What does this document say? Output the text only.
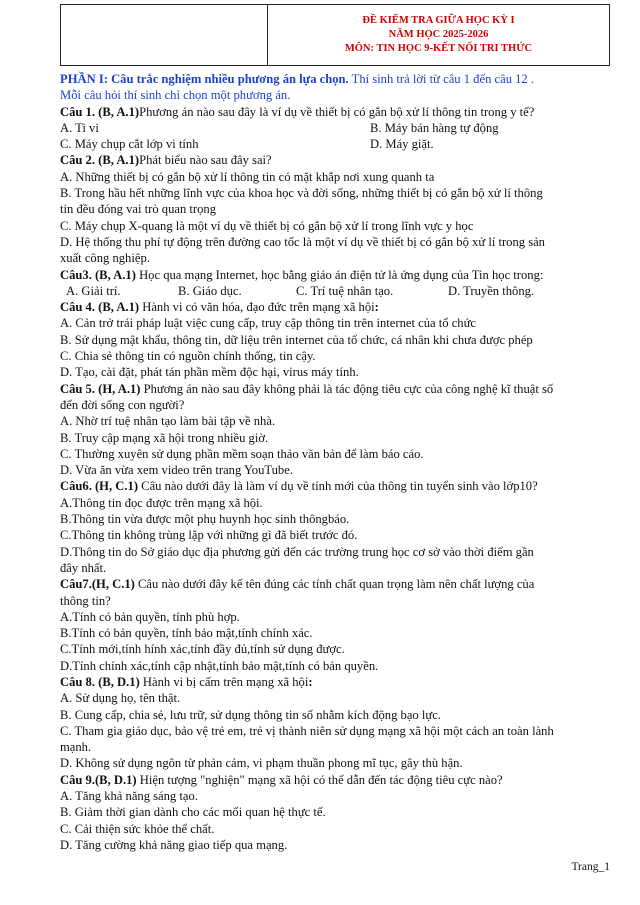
ĐỀ KIỂM TRA GIỮA HỌC KỲ I
NĂM HỌC 2025-2026
MÔN: TIN HỌC 9-KẾT NỐI TRI THỨC
PHẦN I: Câu trắc nghiệm nhiều phương án lựa chọn. Thí sinh trả lời từ câu 1 đến câu 12 .
Mỗi câu hỏi thí sinh chỉ chọn một phương án.
Câu 1. (B, A.1)Phương án nào sau đây là ví dụ về thiết bị có gắn bộ xử lí thông tin trong y tế?
A. Ti vi	B. Máy bán hàng tự động
C. Máy chụp cắt lớp vi tính	D. Máy giặt.
Câu 2. (B, A.1)Phát biểu nào sau đây sai?
A. Những thiết bị có gắn bộ xử lí thông tin có mặt khắp nơi xung quanh ta
B. Trong hầu hết những lĩnh vực của khoa học và đời sống, những thiết bị có gắn bộ xử lí thông
tin đều đóng vai trò quan trọng
C. Máy chụp X-quang là một ví dụ về thiết bị có gắn bộ xử lí trong lĩnh vực y học
D. Hệ thống thu phí tự động trên đường cao tốc là một ví dụ về thiết bị có gắn bộ xử lí trong sản
xuất công nghiệp.
Câu3. (B, A.1) Học qua mạng Internet, học bằng giáo án điện tử là ứng dụng của Tin học trong:
A. Giải trí.	B. Giáo dục.	C. Trí tuệ nhân tạo.	D. Truyền thông.
Câu 4. (B, A.1) Hành vi có văn hóa, đạo đức trên mạng xã hội:
A. Cản trở trái pháp luật việc cung cấp, truy cập thông tin trên internet của tổ chức
B. Sử dụng mật khẩu, thông tin, dữ liệu trên internet của tổ chức, cá nhân khi chưa được phép
C. Chia sẻ thông tin có nguồn chính thống, tin cậy.
D. Tạo, cài đặt, phát tán phần mềm độc hại, virus máy tính.
Câu 5. (H, A.1) Phương án nào sau đây không phải là tác động tiêu cực của công nghệ kĩ thuật số
đến đời sống con người?
A. Nhờ trí tuệ nhân tạo làm bài tập về nhà.
B. Truy cập mạng xã hội trong nhiều giờ.
C. Thường xuyên sử dụng phần mềm soạn thảo văn bản để làm báo cáo.
D. Vừa ăn vừa xem video trên trang YouTube.
Câu6. (H, C.1) Câu nào dưới đây là làm ví dụ về tính mới của thông tin tuyển sinh vào lớp10?
A.Thông tin đọc được trên mạng xã hội.
B.Thông tin vừa được một phụ huynh học sinh thôngbáo.
C.Thông tin không trùng lặp với những gì đã biết trước đó.
D.Thông tin do Sở giáo dục địa phương gửi đến các trường trung học cơ sở vào thời điểm gần
đây nhất.
Câu7.(H, C.1) Câu nào dưới đây kể tên đúng các tính chất quan trọng làm nên chất lượng của
thông tin?
A.Tính có bản quyền, tính phù hợp.
B.Tính có bản quyền, tính bảo mật,tính chính xác.
C.Tính mới,tính hính xác,tính đầy đủ,tính sử dụng được.
D.Tính chính xác,tính cập nhật,tính bảo mật,tính có bản quyền.
Câu 8. (B, D.1) Hành vi bị cấm trên mạng xã hội:
A. Sử dụng họ, tên thật.
B. Cung cấp, chia sẻ, lưu trữ, sử dụng thông tin số nhằm kích động bạo lực.
C. Tham gia giáo dục, bảo vệ trẻ em, trẻ vị thành niên sử dụng mạng xã hội một cách an toàn lành
mạnh.
D. Không sử dụng ngôn từ phản cảm, vi phạm thuần phong mĩ tục, gây thù hận.
Câu 9.(B, D.1) Hiện tượng "nghiện" mạng xã hội có thể dẫn đến tác động tiêu cực nào?
A. Tăng khả năng sáng tạo.
B. Giảm thời gian dành cho các mối quan hệ thực tế.
C. Cải thiện sức khỏe thể chất.
D. Tăng cường khả năng giao tiếp qua mạng.
Trang_1
